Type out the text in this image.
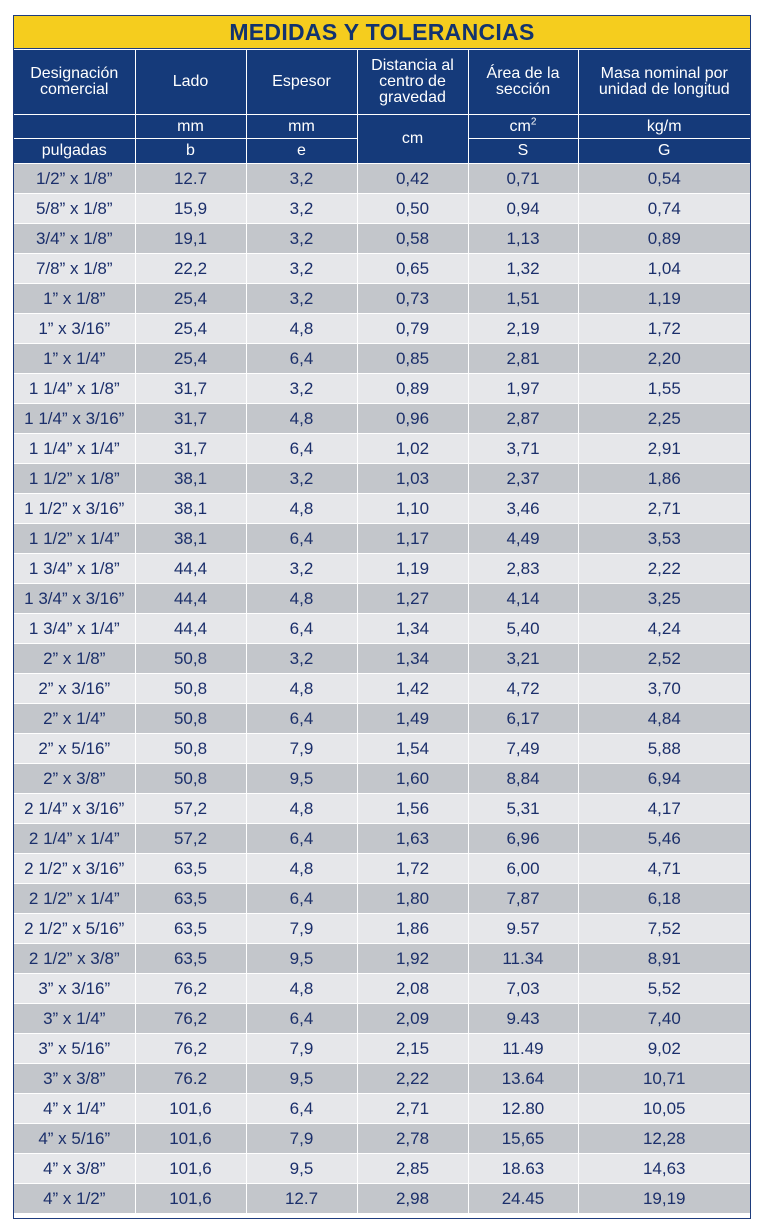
MEDIDAS Y TOLERANCIAS
Designación comercial	Lado	Espesor	Distancia al centro de gravedad	Área de la sección	Masa nominal por unidad de longitud
	mm	mm	cm	$cm^2$	kg/m
pulgadas	b	e		S	G
1/2” x 1/8”	12.7	3,2	0,42	0,71	0,54
5/8” x 1/8”	15,9	3,2	0,50	0,94	0,74
3/4” x 1/8”	19,1	3,2	0,58	1,13	0,89
7/8” x 1/8”	22,2	3,2	0,65	1,32	1,04
1” x 1/8”	25,4	3,2	0,73	1,51	1,19
1” x 3/16”	25,4	4,8	0,79	2,19	1,72
1” x 1/4”	25,4	6,4	0,85	2,81	2,20
1 1/4” x 1/8”	31,7	3,2	0,89	1,97	1,55
1 1/4” x 3/16”	31,7	4,8	0,96	2,87	2,25
1 1/4” x 1/4”	31,7	6,4	1,02	3,71	2,91
1 1/2” x 1/8”	38,1	3,2	1,03	2,37	1,86
1 1/2” x 3/16”	38,1	4,8	1,10	3,46	2,71
1 1/2” x 1/4”	38,1	6,4	1,17	4,49	3,53
1 3/4” x 1/8”	44,4	3,2	1,19	2,83	2,22
1 3/4” x 3/16”	44,4	4,8	1,27	4,14	3,25
1 3/4” x 1/4”	44,4	6,4	1,34	5,40	4,24
2” x 1/8”	50,8	3,2	1,34	3,21	2,52
2” x 3/16”	50,8	4,8	1,42	4,72	3,70
2” x 1/4”	50,8	6,4	1,49	6,17	4,84
2” x 5/16”	50,8	7,9	1,54	7,49	5,88
2” x 3/8”	50,8	9,5	1,60	8,84	6,94
2 1/4” x 3/16”	57,2	4,8	1,56	5,31	4,17
2 1/4” x 1/4”	57,2	6,4	1,63	6,96	5,46
2 1/2” x 3/16”	63,5	4,8	1,72	6,00	4,71
2 1/2” x 1/4”	63,5	6,4	1,80	7,87	6,18
2 1/2” x 5/16”	63,5	7,9	1,86	9.57	7,52
2 1/2” x 3/8”	63,5	9,5	1,92	11.34	8,91
3” x 3/16”	76,2	4,8	2,08	7,03	5,52
3” x 1/4”	76,2	6,4	2,09	9.43	7,40
3” x 5/16”	76,2	7,9	2,15	11.49	9,02
3” x 3/8”	76.2	9,5	2,22	13.64	10,71
4” x 1/4”	101,6	6,4	2,71	12.80	10,05
4” x 5/16”	101,6	7,9	2,78	15,65	12,28
4” x 3/8”	101,6	9,5	2,85	18.63	14,63
4” x 1/2”	101,6	12.7	2,98	24.45	19,19
